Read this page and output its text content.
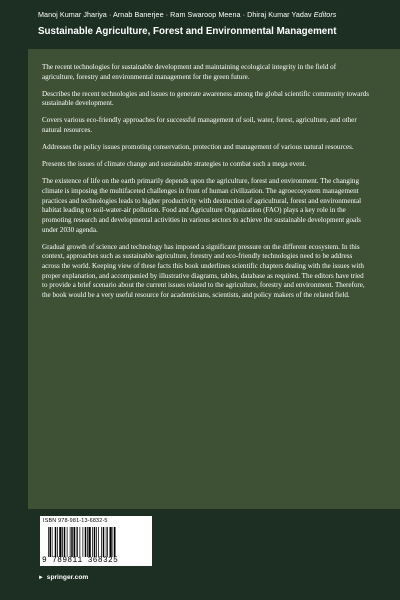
Manoj Kumar Jhariya · Arnab Banerjee · Ram Swaroop Meena · Dhiraj Kumar Yadav Editors
Sustainable Agriculture, Forest and Environmental Management

The recent technologies for sustainable development and maintaining ecological integrity in the field of agriculture, forestry and environmental management for the green future.

Describes the recent technologies and issues to generate awareness among the global scientific community towards sustainable development.

Covers various eco-friendly approaches for successful management of soil, water, forest, agriculture, and other natural resources.

Addresses the policy issues promoting conservation, protection and management of various natural resources.

Presents the issues of climate change and sustainable strategies to combat such a mega event.

The existence of life on the earth primarily depends upon the agriculture, forest and environment. The changing climate is imposing the multifaceted challenges in front of human civilization. The agroecosystem management practices and technologies leads to higher productivity with destruction of agricultural, forest and environmental habitat leading to soil-water-air pollution. Food and Agriculture Organization (FAO) plays a key role in the promoting research and developmental activities in various sectors to achieve the sustainable development goals under 2030 agenda.

Gradual growth of science and technology has imposed a significant pressure on the different ecosystem. In this context, approaches such as sustainable agriculture, forestry and eco-friendly technologies need to be address across the world. Keeping view of these facts this book underlines scientific chapters dealing with the issues with proper explanation, and accompanied by illustrative diagrams, tables, database as required. The editors have tried to provide a brief scenario about the current issues related to the agriculture, forestry and environment. Therefore, the book would be a very useful resource for academicians, scientists, and policy makers of the related field.

ISBN 978-981-13-6832-5
9 789811 368325
► springer.com
